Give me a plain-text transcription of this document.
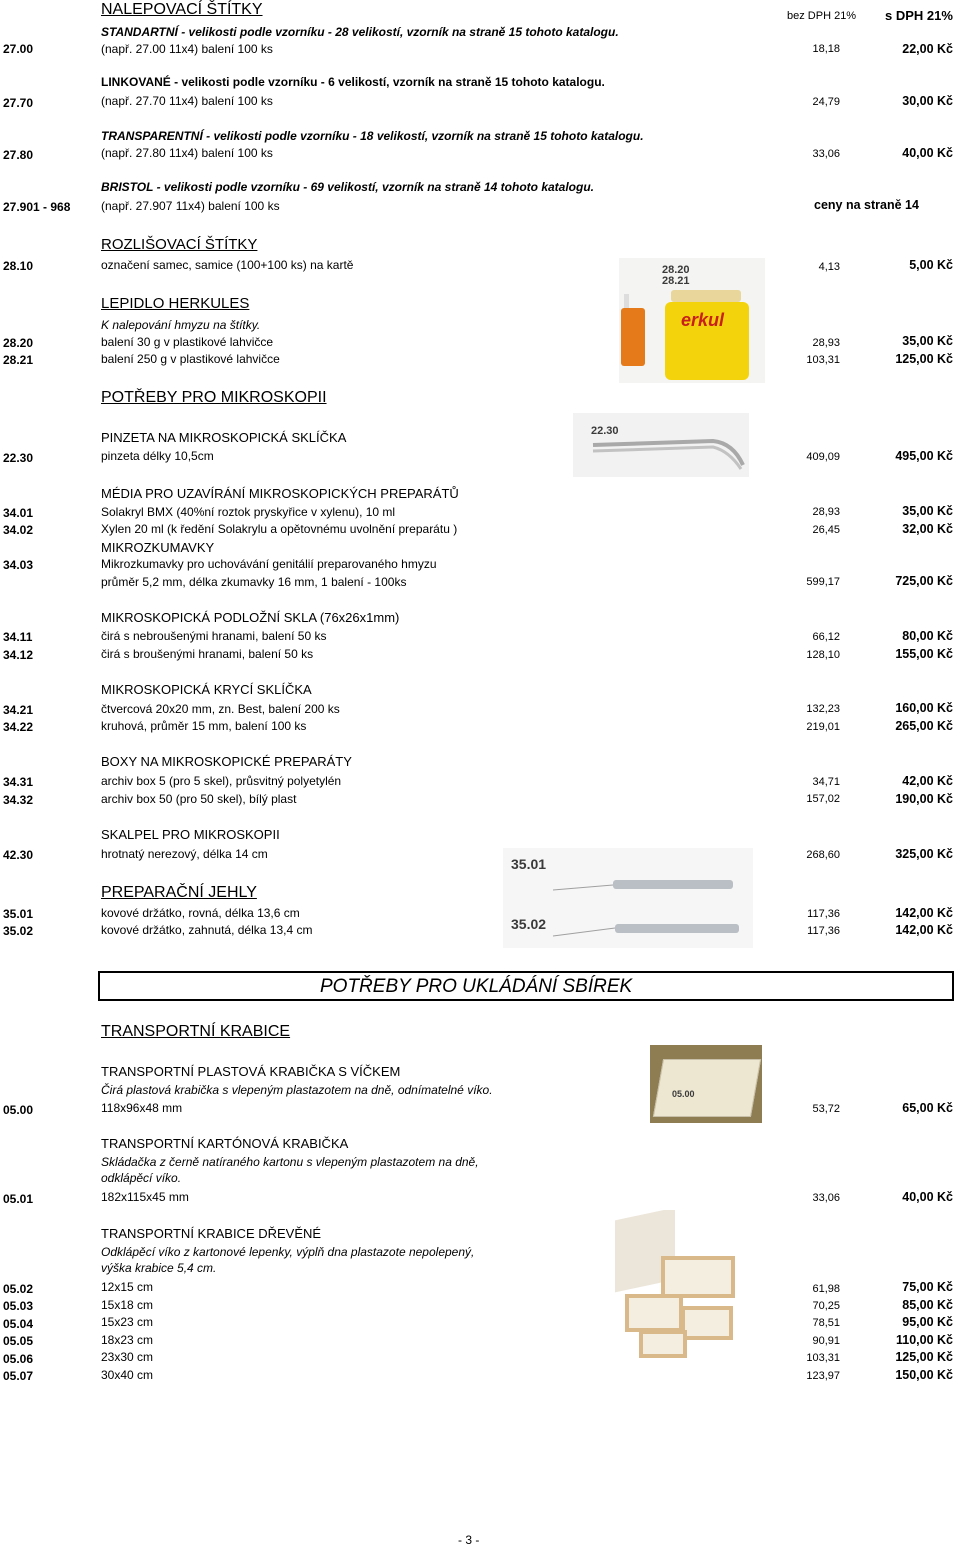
bez DPH 21% s DPH 21%
NALEPOVACÍ ŠTÍTKY
STANDARTNÍ - velikosti podle vzorníku - 28 velikostí, vzorník na straně 15 tohoto katalogu.
27.00	(např. 27.00 11x4) balení 100 ks	18,18	22,00 Kč
LINKOVANÉ - velikosti podle vzorníku - 6 velikostí, vzorník na straně 15 tohoto katalogu.
27.70	(např. 27.70 11x4) balení 100 ks	24,79	30,00 Kč
TRANSPARENTNÍ - velikosti podle vzorníku - 18 velikostí, vzorník na straně 15 tohoto katalogu.
27.80	(např. 27.80 11x4) balení 100 ks	33,06	40,00 Kč
BRISTOL - velikosti podle vzorníku - 69 velikostí, vzorník na straně 14 tohoto katalogu.
27.901 - 968	(např. 27.907 11x4) balení 100 ks	ceny na straně 14
ROZLIŠOVACÍ ŠTÍTKY
28.10	označení samec, samice (100+100 ks) na kartě	4,13	5,00 Kč
28.20
28.21
erkul
LEPIDLO HERKULES
K nalepování hmyzu na štítky.
28.20	balení 30 g v plastikové lahvičce	28,93	35,00 Kč
28.21	balení 250 g v plastikové lahvičce	103,31	125,00 Kč
POTŘEBY PRO MIKROSKOPII
22.30
PINZETA NA MIKROSKOPICKÁ SKLÍČKA
22.30	pinzeta délky 10,5cm	409,09	495,00 Kč
MÉDIA PRO UZAVÍRÁNÍ MIKROSKOPICKÝCH PREPARÁTŮ
34.01	Solakryl BMX (40%ní roztok pryskyřice v xylenu), 10 ml	28,93	35,00 Kč
34.02	Xylen 20 ml (k ředění Solakrylu a opětovnému uvolnění preparátu )	26,45	32,00 Kč
MIKROZKUMAVKY
34.03	Mikrozkumavky pro uchovávání genitálií preparovaného hmyzu
průměr 5,2 mm, délka zkumavky 16 mm, 1 balení - 100ks	599,17	725,00 Kč
MIKROSKOPICKÁ PODLOŽNÍ SKLA (76x26x1mm)
34.11	čirá s nebroušenými hranami, balení 50 ks	66,12	80,00 Kč
34.12	čirá s broušenými hranami, balení 50 ks	128,10	155,00 Kč
MIKROSKOPICKÁ KRYCÍ SKLÍČKA
34.21	čtvercová 20x20 mm, zn. Best, balení 200 ks	132,23	160,00 Kč
34.22	kruhová, průměr 15 mm, balení 100 ks	219,01	265,00 Kč
BOXY NA MIKROSKOPICKÉ PREPARÁTY
34.31	archiv box 5 (pro 5 skel), průsvitný polyetylén	34,71	42,00 Kč
34.32	archiv box 50 (pro 50 skel), bílý plast	157,02	190,00 Kč
SKALPEL PRO MIKROSKOPII
42.30	hrotnatý nerezový, délka 14 cm	268,60	325,00 Kč
35.01
35.02
PREPARAČNÍ JEHLY
35.01	kovové držátko, rovná, délka 13,6 cm	117,36	142,00 Kč
35.02	kovové držátko, zahnutá, délka 13,4 cm	117,36	142,00 Kč
POTŘEBY PRO UKLÁDÁNÍ SBÍREK
TRANSPORTNÍ KRABICE
05.00
TRANSPORTNÍ PLASTOVÁ KRABIČKA S VÍČKEM
Čirá plastová krabička s vlepeným plastazotem na dně, odnímatelné víko.
05.00	118x96x48 mm	53,72	65,00 Kč
TRANSPORTNÍ KARTÓNOVÁ KRABIČKA
Skládačka z černě natíraného kartonu s vlepeným plastazotem na dně,
odklápěcí víko.
05.01	182x115x45 mm	33,06	40,00 Kč
TRANSPORTNÍ KRABICE DŘEVĚNÉ
Odklápěcí víko z kartonové lepenky, výplň dna plastazote nepolepený,
výška krabice 5,4 cm.
05.02	12x15 cm	61,98	75,00 Kč
05.03	15x18 cm	70,25	85,00 Kč
05.04	15x23 cm	78,51	95,00 Kč
05.05	18x23 cm	90,91	110,00 Kč
05.06	23x30 cm	103,31	125,00 Kč
05.07	30x40 cm	123,97	150,00 Kč
- 3 -
